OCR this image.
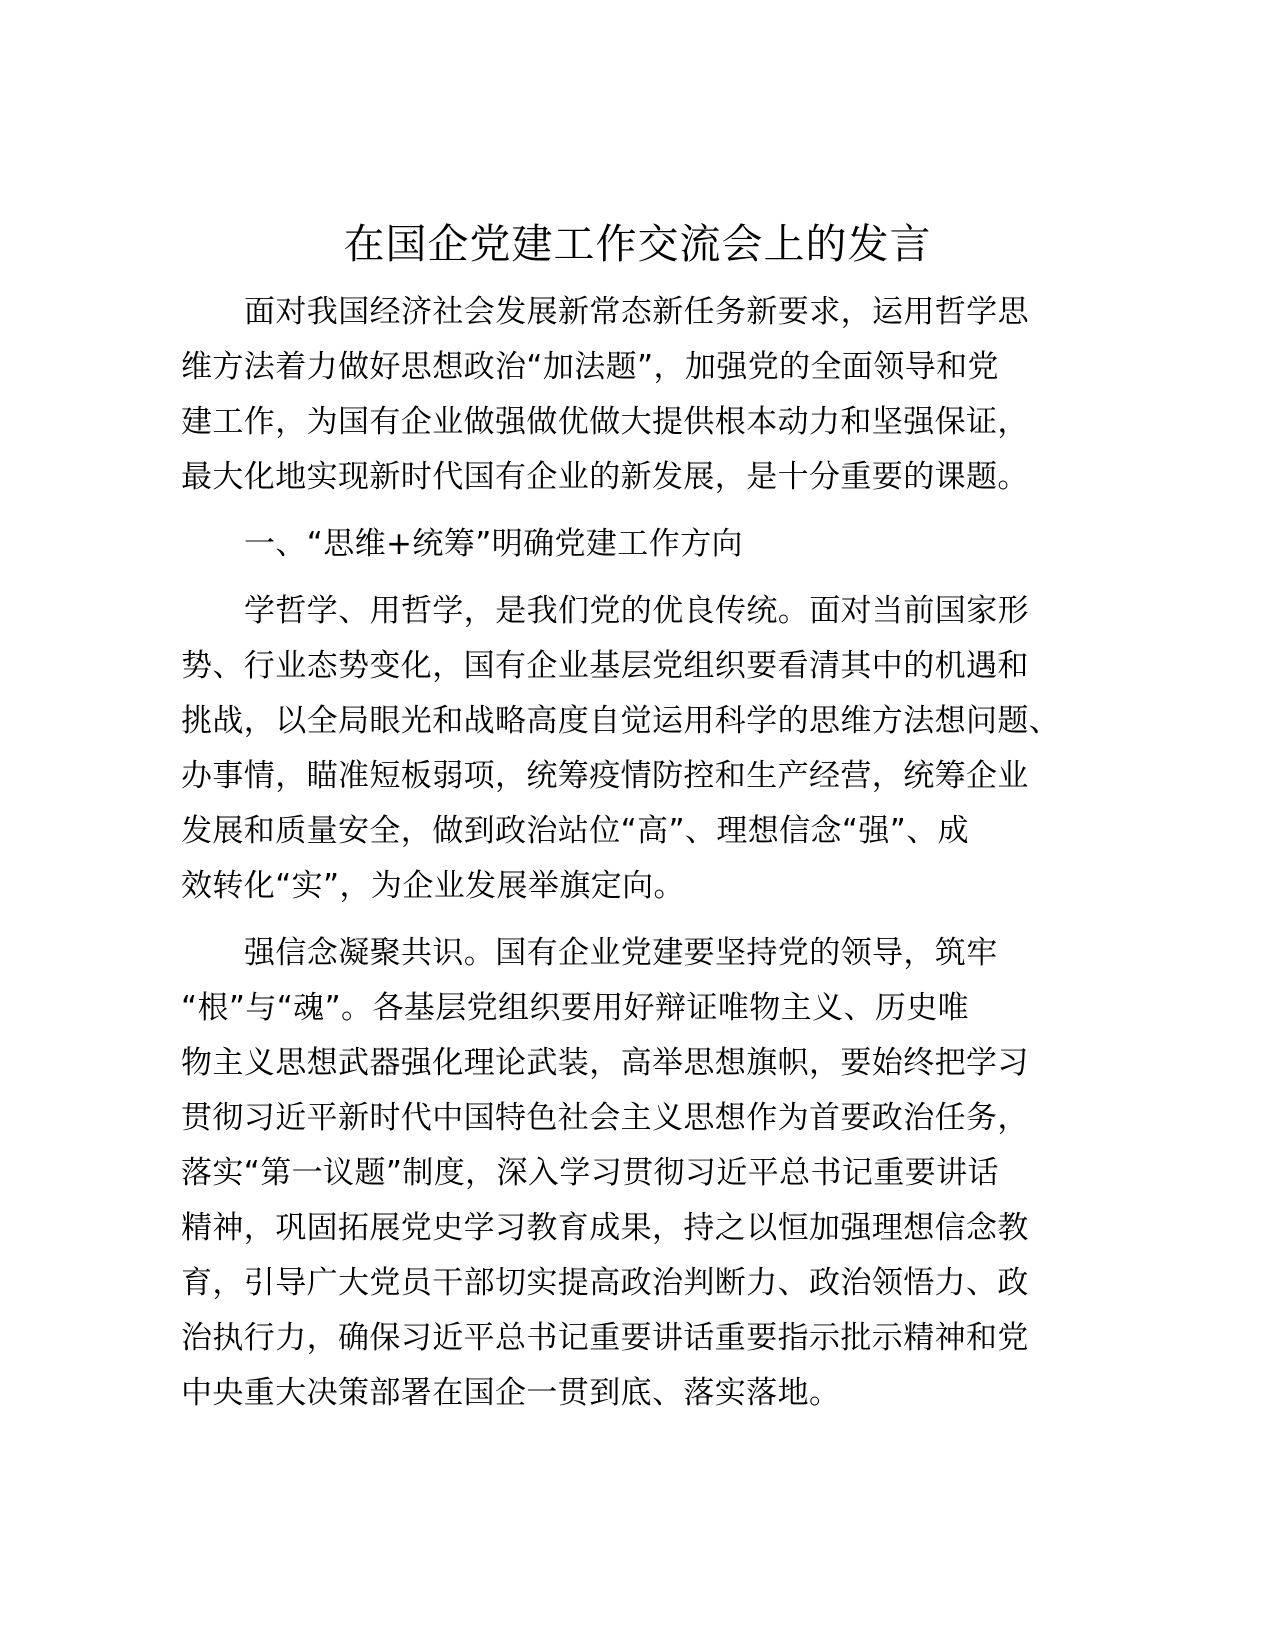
在国企党建工作交流会上的发言
面对我国经济社会发展新常态新任务新要求，运用哲学思
维方法着力做好思想政治“加法题”，加强党的全面领导和党
建工作，为国有企业做强做优做大提供根本动力和坚强保证，
最大化地实现新时代国有企业的新发展，是十分重要的课题。
一、“思维+统筹”明确党建工作方向
学哲学、用哲学，是我们党的优良传统。面对当前国家形
势、行业态势变化，国有企业基层党组织要看清其中的机遇和
挑战，以全局眼光和战略高度自觉运用科学的思维方法想问题、
办事情，瞄准短板弱项，统筹疫情防控和生产经营，统筹企业
发展和质量安全，做到政治站位“高”、理想信念“强”、成
效转化“实”，为企业发展举旗定向。
强信念凝聚共识。国有企业党建要坚持党的领导，筑牢
“根”与“魂”。各基层党组织要用好辩证唯物主义、历史唯
物主义思想武器强化理论武装，高举思想旗帜，要始终把学习
贯彻习近平新时代中国特色社会主义思想作为首要政治任务，
落实“第一议题”制度，深入学习贯彻习近平总书记重要讲话
精神，巩固拓展党史学习教育成果，持之以恒加强理想信念教
育，引导广大党员干部切实提高政治判断力、政治领悟力、政
治执行力，确保习近平总书记重要讲话重要指示批示精神和党
中央重大决策部署在国企一贯到底、落实落地。
